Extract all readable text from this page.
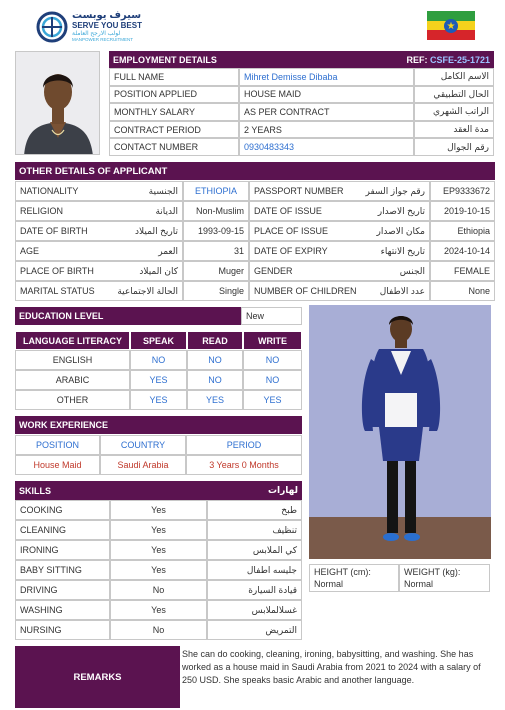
سيرف يوبست
SERVE YOU BEST
لولب الارجح العاملة
MANPOWER RECRUITMENT
★
EMPLOYMENT DETAILS	REF:
CSFE-25-1721
FULL NAME	Mihret Demisse Dibaba	الاسم الكامل
POSITION APPLIED	HOUSE MAID	الحال التطبيقي
MONTHLY SALARY	AS PER CONTRACT	الراتب الشهري
CONTRACT PERIOD	2 YEARS	مدة العقد
CONTACT NUMBER	0930483343	رقم الجوال
OTHER DETAILS OF APPLICANT
NATIONALITY	الجنسية	ETHIOPIA	PASSPORT NUMBER رقم جواز السفر	EP9333672
RELIGION	الديانة	Non-Muslim	DATE OF ISSUE	تاريخ الاصدار	2019-10-15
DATE OF BIRTH	تاريخ الميلاد	1993-09-15	PLACE OF ISSUE	مكان الاصدار	Ethiopia
AGE	العمر	31	DATE OF EXPIRY	تاريخ الانتهاء	2024-10-14
PLACE OF BIRTH	كان الميلاد	Muger	GENDER	الجنس	FEMALE
MARITAL STATUS	الحالة الاجتماعية	Single	NUMBER OF CHILDREN	عدد الاطفال	None
EDUCATION LEVEL	New
LANGUAGE LITERACY	SPEAK	READ	WRITE
ENGLISH	NO	NO	NO
ARABIC	YES	NO	NO
OTHER	YES	YES	YES
WORK EXPERIENCE
POSITION	COUNTRY	PERIOD
House Maid	Saudi Arabia	3 Years 0 Months
SKILLS	لهارات
COOKING	Yes	طبخ
CLEANING	Yes	تنظيف
IRONING	Yes	كي الملابس
BABY SITTING	Yes	جليسه اطفال
DRIVING	No	قيادة السيارة
WASHING	Yes	غسلالملابس
NURSING	No	التمريض
HEIGHT (cm):
Normal
WEIGHT (kg):
Normal
REMARKS
She can do cooking, cleaning, ironing, babysitting, and washing. She has worked as a house maid in Saudi Arabia from 2021 to 2024 with a salary of 250 USD. She speaks basic Arabic and another language.
